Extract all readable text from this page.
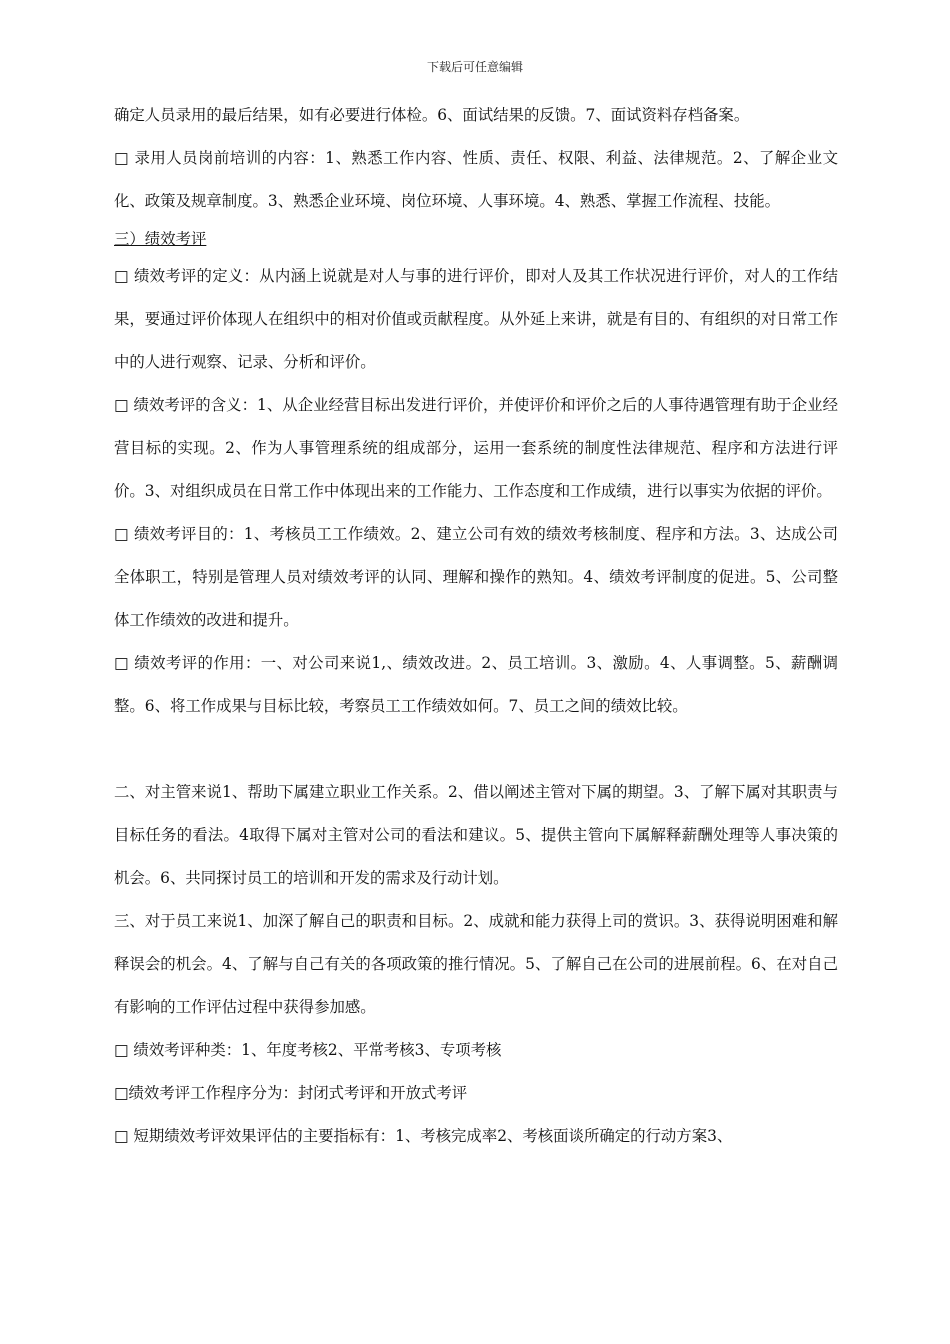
下载后可任意编辑

确定人员录用的最后结果，如有必要进行体检。6、面试结果的反馈。7、面试资料存档备案。

□ 录用人员岗前培训的内容：1、熟悉工作内容、性质、责任、权限、利益、法律规范。2、了解企业文化、政策及规章制度。3、熟悉企业环境、岗位环境、人事环境。4、熟悉、掌握工作流程、技能。

三）绩效考评

□ 绩效考评的定义：从内涵上说就是对人与事的进行评价，即对人及其工作状况进行评价，对人的工作结果，要通过评价体现人在组织中的相对价值或贡献程度。从外延上来讲，就是有目的、有组织的对日常工作中的人进行观察、记录、分析和评价。

□ 绩效考评的含义：1、从企业经营目标出发进行评价，并使评价和评价之后的人事待遇管理有助于企业经营目标的实现。2、作为人事管理系统的组成部分，运用一套系统的制度性法律规范、程序和方法进行评价。3、对组织成员在日常工作中体现出来的工作能力、工作态度和工作成绩，进行以事实为依据的评价。

□ 绩效考评目的：1、考核员工工作绩效。2、建立公司有效的绩效考核制度、程序和方法。3、达成公司全体职工，特别是管理人员对绩效考评的认同、理解和操作的熟知。4、绩效考评制度的促进。5、公司整体工作绩效的改进和提升。

□ 绩效考评的作用：一、对公司来说1,、绩效改进。2、员工培训。3、激励。4、人事调整。5、薪酬调整。6、将工作成果与目标比较，考察员工工作绩效如何。7、员工之间的绩效比较。

二、对主管来说1、帮助下属建立职业工作关系。2、借以阐述主管对下属的期望。3、了解下属对其职责与目标任务的看法。4取得下属对主管对公司的看法和建议。5、提供主管向下属解释薪酬处理等人事决策的机会。6、共同探讨员工的培训和开发的需求及行动计划。

三、对于员工来说1、加深了解自己的职责和目标。2、成就和能力获得上司的赏识。3、获得说明困难和解释误会的机会。4、了解与自己有关的各项政策的推行情况。5、了解自己在公司的进展前程。6、在对自己有影响的工作评估过程中获得参加感。

□ 绩效考评种类：1、年度考核2、平常考核3、专项考核

□绩效考评工作程序分为：封闭式考评和开放式考评

□ 短期绩效考评效果评估的主要指标有：1、考核完成率2、考核面谈所确定的行动方案3、
